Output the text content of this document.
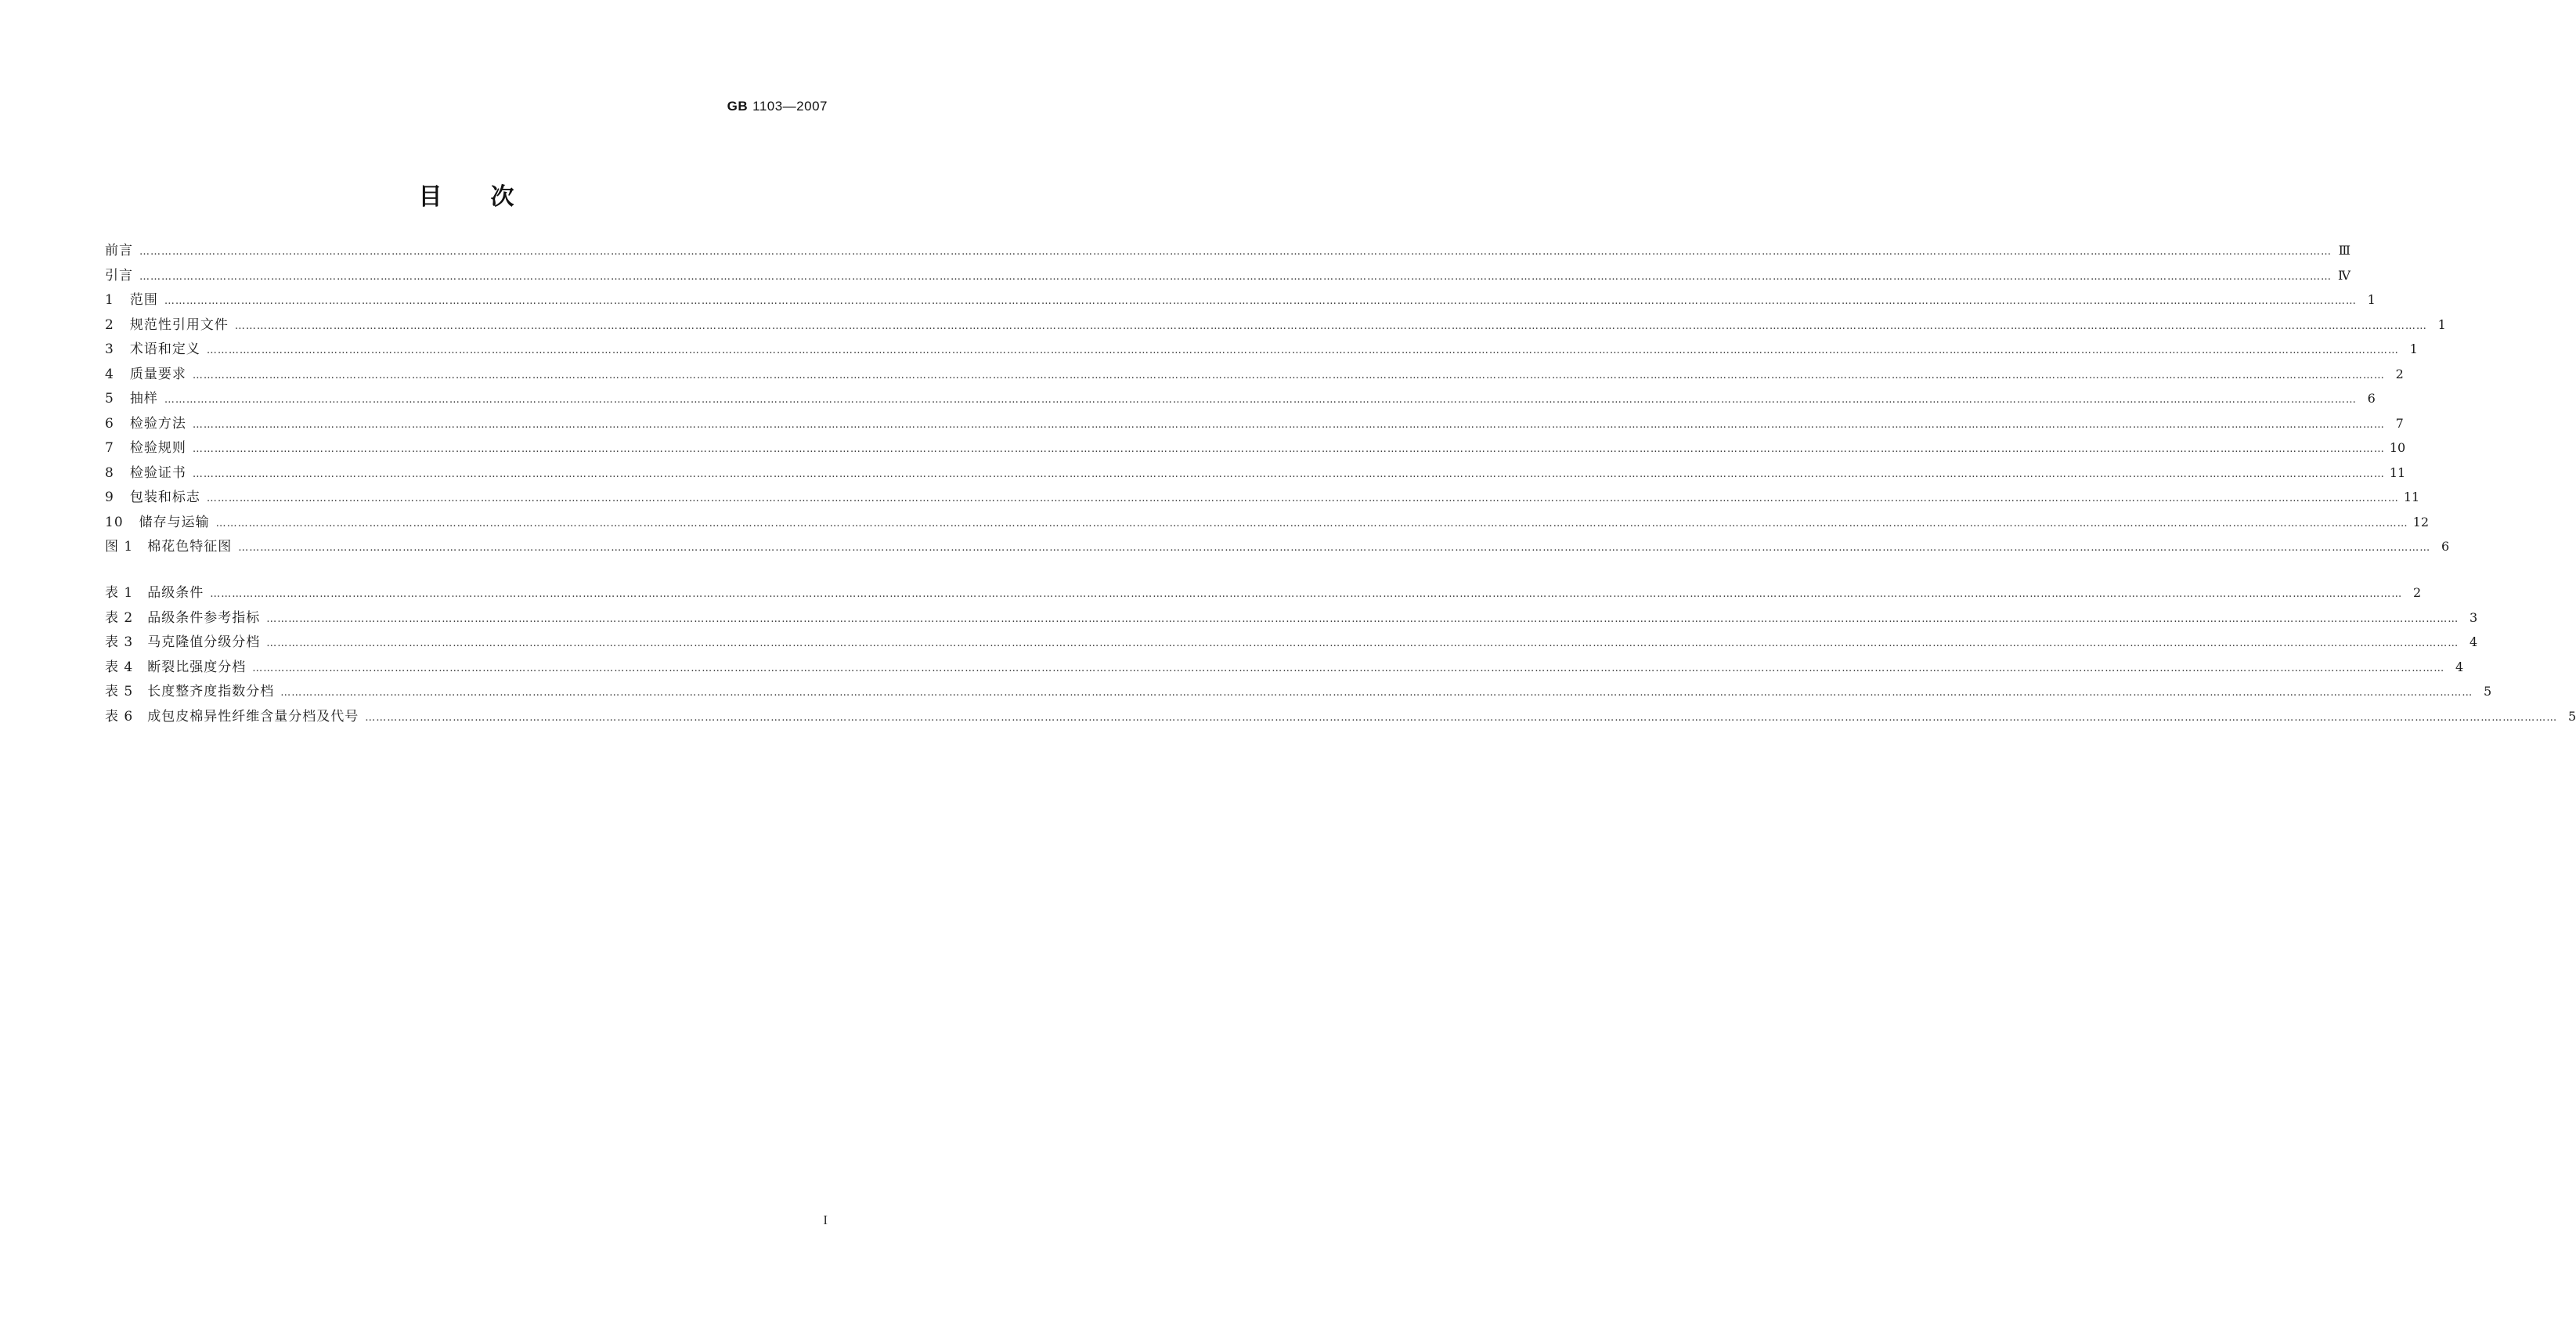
GB 1103—2007
目次
前言 …………………………………………………………………………………………………………………………………………………………………………………………………………………………………………………………………………………………………………………………………………………………………………………………………………………………………………………………………………………………………………………………………………………… Ⅲ
引言 …………………………………………………………………………………………………………………………………………………………………………………………………………………………………………………………………………………………………………………………………………………………………………………………………………………………………………………………………………………………………………………………………………………… Ⅳ
1 范围 …………………………………………………………………………………………………………………………………………………………………………………………………………………………………………………………………………………………………………………………………………………………………………………………………………………………………………………………………………………………………………………………………………………… 1
2 规范性引用文件 …………………………………………………………………………………………………………………………………………………………………………………………………………………………………………………………………………………………………………………………………………………………………………………………………………………………………………………………………………………………………………………………………………………… 1
3 术语和定义 …………………………………………………………………………………………………………………………………………………………………………………………………………………………………………………………………………………………………………………………………………………………………………………………………………………………………………………………………………………………………………………………………………………… 1
4 质量要求 …………………………………………………………………………………………………………………………………………………………………………………………………………………………………………………………………………………………………………………………………………………………………………………………………………………………………………………………………………………………………………………………………………………… 2
5 抽样 …………………………………………………………………………………………………………………………………………………………………………………………………………………………………………………………………………………………………………………………………………………………………………………………………………………………………………………………………………………………………………………………………………………… 6
6 检验方法 …………………………………………………………………………………………………………………………………………………………………………………………………………………………………………………………………………………………………………………………………………………………………………………………………………………………………………………………………………………………………………………………………………………… 7
7 检验规则 …………………………………………………………………………………………………………………………………………………………………………………………………………………………………………………………………………………………………………………………………………………………………………………………………………………………………………………………………………………………………………………………………………………… 10
8 检验证书 …………………………………………………………………………………………………………………………………………………………………………………………………………………………………………………………………………………………………………………………………………………………………………………………………………………………………………………………………………………………………………………………………………………… 11
9 包装和标志 …………………………………………………………………………………………………………………………………………………………………………………………………………………………………………………………………………………………………………………………………………………………………………………………………………………………………………………………………………………………………………………………………………………… 11
10 储存与运输 …………………………………………………………………………………………………………………………………………………………………………………………………………………………………………………………………………………………………………………………………………………………………………………………………………………………………………………………………………………………………………………………………………………… 12
图 1 棉花色特征图 …………………………………………………………………………………………………………………………………………………………………………………………………………………………………………………………………………………………………………………………………………………………………………………………………………………………………………………………………………………………………………………………………………………… 6
表 1 品级条件 …………………………………………………………………………………………………………………………………………………………………………………………………………………………………………………………………………………………………………………………………………………………………………………………………………………………………………………………………………………………………………………………………………………… 2
表 2 品级条件参考指标 …………………………………………………………………………………………………………………………………………………………………………………………………………………………………………………………………………………………………………………………………………………………………………………………………………………………………………………………………………………………………………………………………………………… 3
表 3 马克隆值分级分档 …………………………………………………………………………………………………………………………………………………………………………………………………………………………………………………………………………………………………………………………………………………………………………………………………………………………………………………………………………………………………………………………………………………… 4
表 4 断裂比强度分档 …………………………………………………………………………………………………………………………………………………………………………………………………………………………………………………………………………………………………………………………………………………………………………………………………………………………………………………………………………………………………………………………………………………… 4
表 5 长度整齐度指数分档 …………………………………………………………………………………………………………………………………………………………………………………………………………………………………………………………………………………………………………………………………………………………………………………………………………………………………………………………………………………………………………………………………………………… 5
表 6 成包皮棉异性纤维含量分档及代号 …………………………………………………………………………………………………………………………………………………………………………………………………………………………………………………………………………………………………………………………………………………………………………………………………………………………………………………………………………………………………………………………………………………… 5
I
